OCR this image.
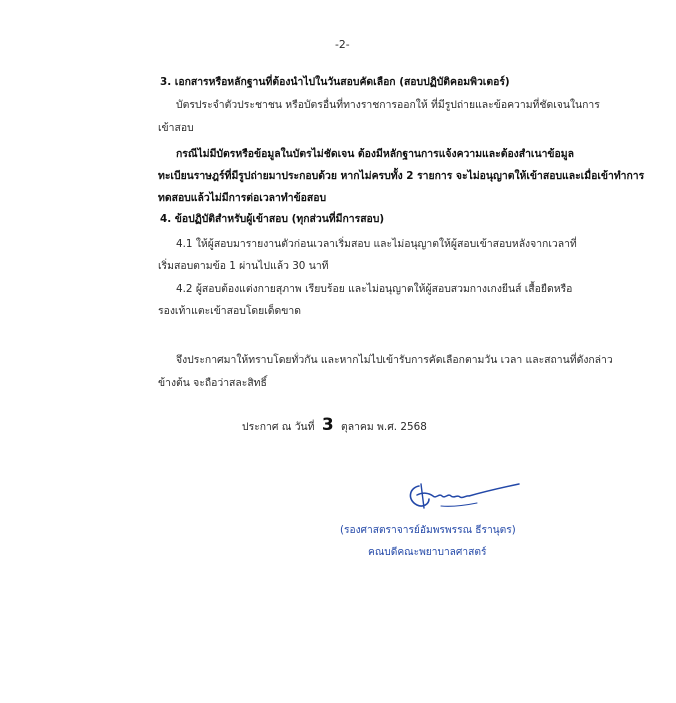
-2-
3. เอกสารหรือหลักฐานที่ต้องนำไปในวันสอบคัดเลือก (สอบปฏิบัติคอมพิวเตอร์)
บัตรประจำตัวประชาชน หรือบัตรอื่นที่ทางราชการออกให้ ที่มีรูปถ่ายและข้อความที่ชัดเจนในการ
เข้าสอบ
กรณีไม่มีบัตรหรือข้อมูลในบัตรไม่ชัดเจน ต้องมีหลักฐานการแจ้งความและต้องสำเนาข้อมูล
ทะเบียนราษฎร์ที่มีรูปถ่ายมาประกอบด้วย หากไม่ครบทั้ง 2 รายการ จะไม่อนุญาตให้เข้าสอบและเมื่อเข้าทำการ
ทดสอบแล้วไม่มีการต่อเวลาทำข้อสอบ
4. ข้อปฏิบัติสำหรับผู้เข้าสอบ (ทุกส่วนที่มีการสอบ)
4.1 ให้ผู้สอบมารายงานตัวก่อนเวลาเริ่มสอบ และไม่อนุญาตให้ผู้สอบเข้าสอบหลังจากเวลาที่
เริ่มสอบตามข้อ 1 ผ่านไปแล้ว 30 นาที
4.2 ผู้สอบต้องแต่งกายสุภาพ เรียบร้อย และไม่อนุญาตให้ผู้สอบสวมกางเกงยีนส์ เสื้อยืดหรือ
รองเท้าแตะเข้าสอบโดยเด็ดขาด
จึงประกาศมาให้ทราบโดยทั่วกัน และหากไม่ไปเข้ารับการคัดเลือกตามวัน เวลา และสถานที่ดังกล่าว
ข้างต้น จะถือว่าสละสิทธิ์
ประกาศ ณ วันที่ 3 ตุลาคม พ.ศ. 2568
(รองศาสตราจารย์อัมพรพรรณ ธีรานุตร)
คณบดีคณะพยาบาลศาสตร์
